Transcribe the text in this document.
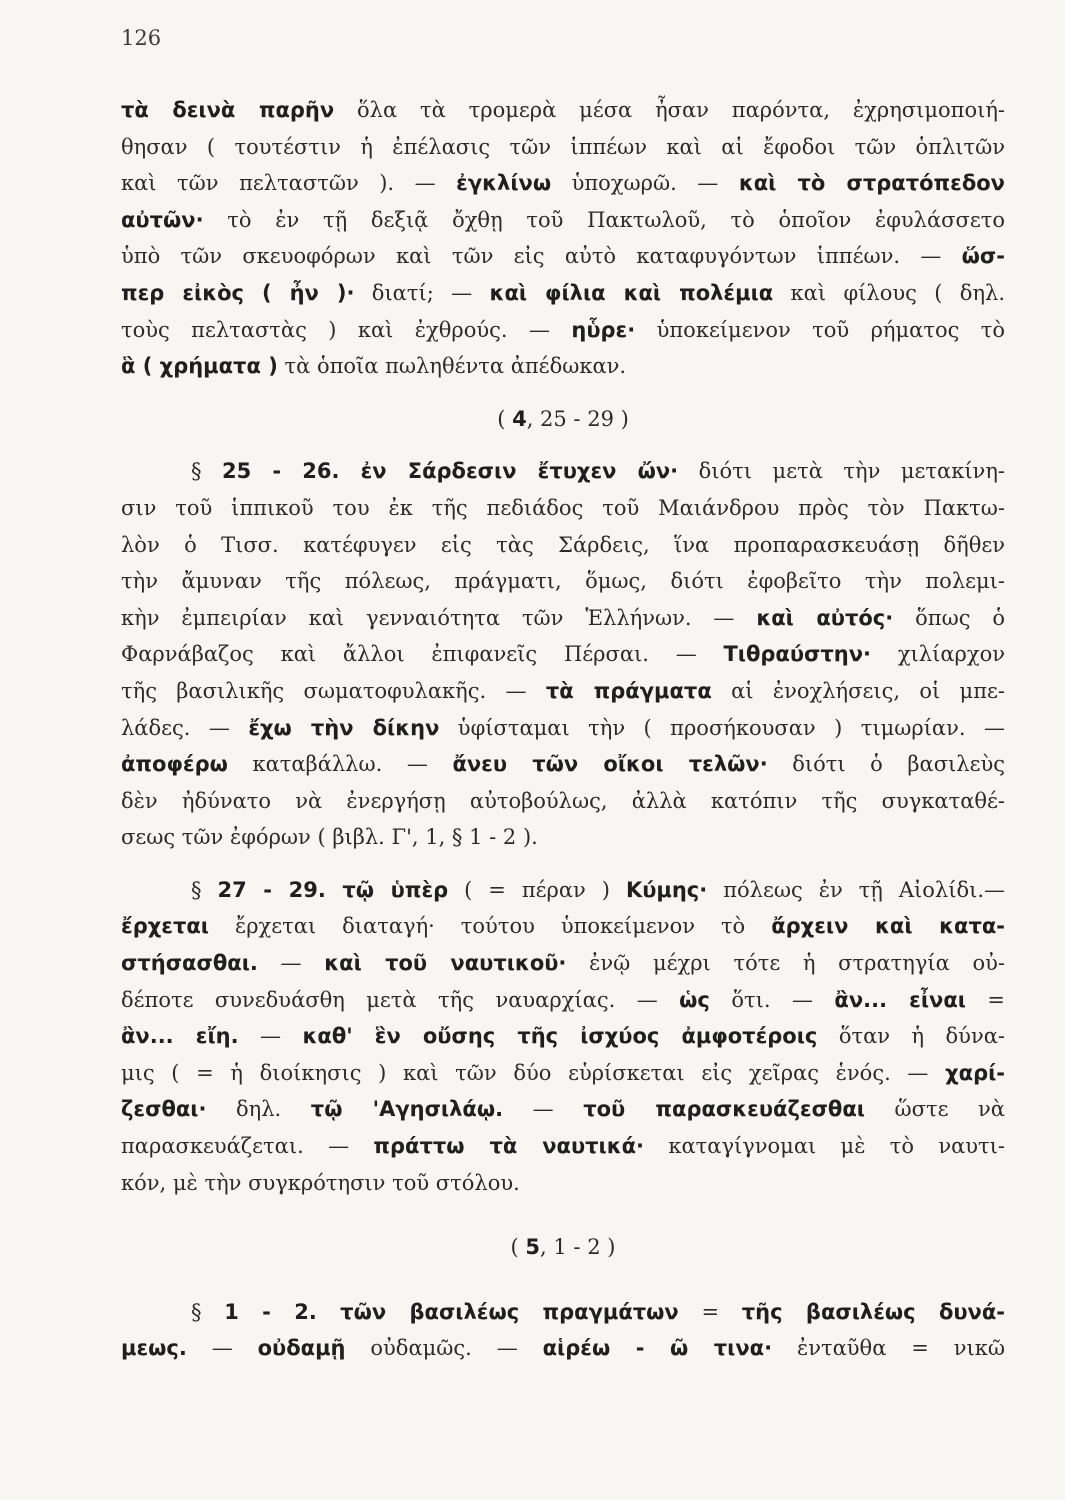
126
τὰ δεινὰ παρῆν ὅλα τὰ τρομερὰ μέσα ἦσαν παρόντα, ἐχρησιμοποιή-
θησαν ( τουτέστιν ἡ ἐπέλασις τῶν ἱππέων καὶ αἱ ἔφοδοι τῶν ὁπλιτῶν
καὶ τῶν πελταστῶν ). — ἐγκλίνω ὑποχωρῶ. — καὶ τὸ στρατόπεδον
αὐτῶν· τὸ ἐν τῇ δεξιᾷ ὄχθῃ τοῦ Πακτωλοῦ, τὸ ὁποῖον ἐφυλάσσετο
ὑπὸ τῶν σκευοφόρων καὶ τῶν εἰς αὐτὸ καταφυγόντων ἱππέων. — ὥσ-
περ εἰκὸς ( ἦν )· διατί; — καὶ φίλια καὶ πολέμια καὶ φίλους ( δηλ.
τοὺς πελταστὰς ) καὶ ἐχθρούς. — ηὗρε· ὑποκείμενον τοῦ ρήματος τὸ
ἃ ( χρήματα ) τὰ ὁποῖα πωληθέντα ἀπέδωκαν.
( 4, 25 - 29 )
§ 25 - 26. ἐν Σάρδεσιν ἔτυχεν ὤν· διότι μετὰ τὴν μετακίνη-
σιν τοῦ ἱππικοῦ του ἐκ τῆς πεδιάδος τοῦ Μαιάνδρου πρὸς τὸν Πακτω-
λὸν ὁ Τισσ. κατέφυγεν εἰς τὰς Σάρδεις, ἵνα προπαρασκευάσῃ δῆθεν
τὴν ἄμυναν τῆς πόλεως, πράγματι, ὅμως, διότι ἐφοβεῖτο τὴν πολεμι-
κὴν ἐμπειρίαν καὶ γενναιότητα τῶν Ἑλλήνων. — καὶ αὐτός· ὅπως ὁ
Φαρνάβαζος καὶ ἄλλοι ἐπιφανεῖς Πέρσαι. — Τιθραύστην· χιλίαρχον
τῆς βασιλικῆς σωματοφυλακῆς. — τὰ πράγματα αἱ ἐνοχλήσεις, οἱ μπε-
λάδες. — ἔχω τὴν δίκην ὑφίσταμαι τὴν ( προσήκουσαν ) τιμωρίαν. —
ἀποφέρω καταβάλλω. — ἄνευ τῶν οἴκοι τελῶν· διότι ὁ βασιλεὺς
δὲν ἠδύνατο νὰ ἐνεργήσῃ αὐτοβούλως, ἀλλὰ κατόπιν τῆς συγκαταθέ-
σεως τῶν ἐφόρων ( βιβλ. Γ', 1, § 1 - 2 ).
§ 27 - 29. τῷ ὑπὲρ ( = πέραν ) Κύμης· πόλεως ἐν τῇ Αἰολίδι.—
ἔρχεται ἔρχεται διαταγή· τούτου ὑποκείμενον τὸ ἄρχειν καὶ κατα-
στήσασθαι. — καὶ τοῦ ναυτικοῦ· ἐνῷ μέχρι τότε ἡ στρατηγία οὐ-
δέποτε συνεδυάσθη μετὰ τῆς ναυαρχίας. — ὡς ὅτι. — ἂν... εἶναι =
ἂν... εἴη. — καθ' ἓν οὔσης τῆς ἰσχύος ἀμφοτέροις ὅταν ἡ δύνα-
μις ( = ἡ διοίκησις ) καὶ τῶν δύο εὑρίσκεται εἰς χεῖρας ἑνός. — χαρί-
ζεσθαι· δηλ. τῷ 'Αγησιλάῳ. — τοῦ παρασκευάζεσθαι ὥστε νὰ
παρασκευάζεται. — πράττω τὰ ναυτικά· καταγίγνομαι μὲ τὸ ναυτι-
κόν, μὲ τὴν συγκρότησιν τοῦ στόλου.
( 5, 1 - 2 )
§ 1 - 2. τῶν βασιλέως πραγμάτων = τῆς βασιλέως δυνά-
μεως. — οὐδαμῇ οὐδαμῶς. — αἱρέω - ῶ τινα· ἐνταῦθα = νικῶ
